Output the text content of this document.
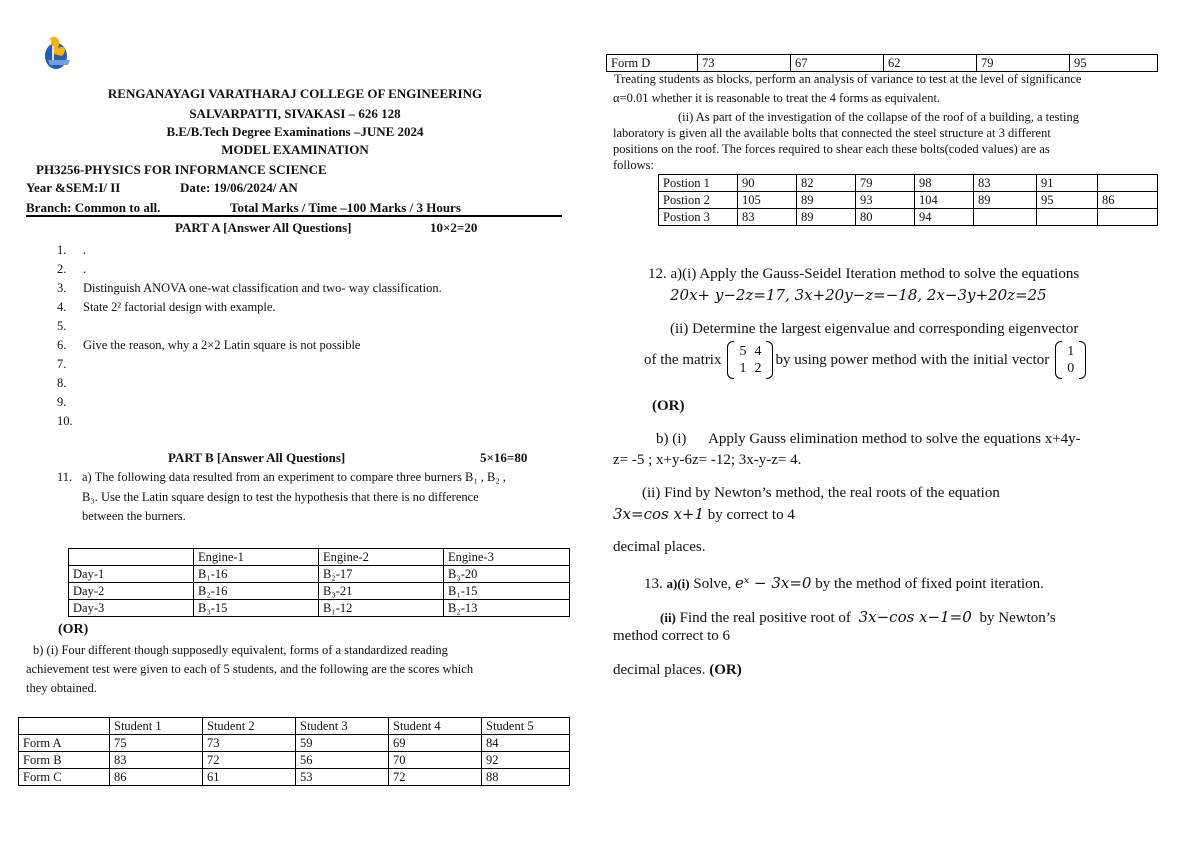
RENGANAYAGI VARATHARAJ COLLEGE OF ENGINEERING
SALVARPATTI, SIVAKASI – 626 128
B.E/B.Tech Degree Examinations –JUNE 2024
MODEL EXAMINATION
PH3256-PHYSICS FOR INFORMANCE SCIENCE
Year &SEM:I/ II	Date: 19/06/2024/ AN
Branch: Common to all.	Total Marks / Time –100 Marks / 3 Hours
PART A [Answer All Questions]	10×2=20
1. .
2. .
3. Distinguish ANOVA one-wat classification and two- way classification.
4. State 2² factorial design with example.
5.
6. Give the reason, why a 2×2 Latin square is not possible
7.
8.
9.
10.
PART B [Answer All Questions]	5×16=80
11. a) The following data resulted from an experiment to compare three burners B₁ , B₂ ,
B₃. Use the Latin square design to test the hypothesis that there is no difference
between the burners.
	Engine-1	Engine-2	Engine-3
Day-1	B₁-16	B₂-17	B₃-20
Day-2	B₂-16	B₃-21	B₁-15
Day-3	B₃-15	B₁-12	B₂-13
(OR)
b) (i) Four different though supposedly equivalent, forms of a standardized reading
achievement test were given to each of 5 students, and the following are the scores which
they obtained.
	Student 1	Student 2	Student 3	Student 4	Student 5
Form A	75	73	59	69	84
Form B	83	72	56	70	92
Form C	86	61	53	72	88
Form D	73	67	62	79	95
Treating students as blocks, perform an analysis of variance to test at the level of significance
α=0.01 whether it is reasonable to treat the 4 forms as equivalent.
(ii) As part of the investigation of the collapse of the roof of a building, a testing
laboratory is given all the available bolts that connected the steel structure at 3 different
positions on the roof. The forces required to shear each these bolts(coded values) are as
follows:
Postion 1	90	82	79	98	83	91	
Postion 2	105	89	93	104	89	95	86
Postion 3	83	89	80	94			
12. a)(i) Apply the Gauss-Seidel Iteration method to solve the equations
20x+ y−2z=17, 3x+20y−z=−18, 2x−3y+20z=25
(ii) Determine the largest eigenvalue and corresponding eigenvector
of the matrix 5	4
1	2
by using power method with the initial vector 1
0
(OR)
b) (i)      Apply Gauss elimination method to solve the equations x+4y-
z= -5 ; x+y-6z= -12; 3x-y-z= 4.
(ii) Find by Newton’s method, the real roots of the equation
3x=cos x+1 by correct to 4
decimal places.
13. a)(i) Solve, eˣ − 3x=0 by the method of fixed point iteration.
(ii) Find the real positive root of 3x−cos x−1=0 by Newton’s
method correct to 6
decimal places. (OR)
